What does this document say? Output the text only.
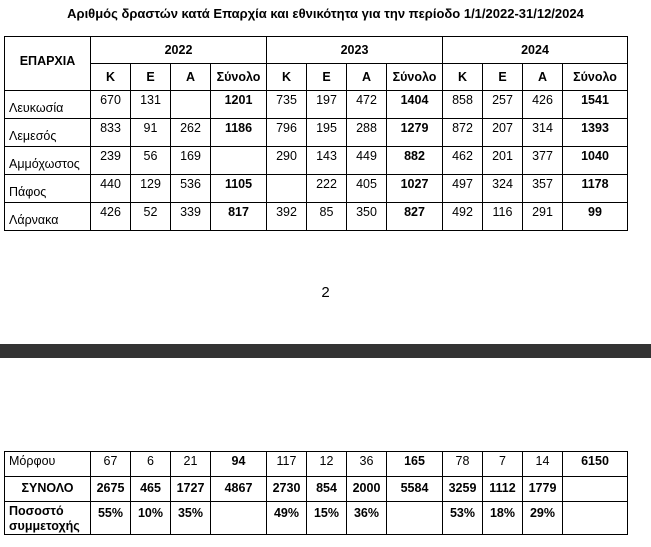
Αριθμός δραστών κατά Επαρχία και εθνικότητα για την περίοδο 1/1/2022-31/12/2024
ΕΠΑΡΧΙΑ	2022				2023				2024			
	Κ	Ε	Α	Σύνολο	Κ	Ε	Α	Σύνολο	Κ	Ε	Α	Σύνολο
Λευκωσία	670	131		1201	735	197	472	1404	858	257	426	1541
Λεμεσός	833	91	262	1186	796	195	288	1279	872	207	314	1393
Αμμόχωστος	239	56	169		290	143	449	882	462	201	377	1040
Πάφος	440	129	536	1105		222	405	1027	497	324	357	1178
Λάρνακα	426	52	339	817	392	85	350	827	492	116	291	99
2
Μόρφου	67	6	21	94	117	12	36	165	78	7	14	6150
ΣΥΝΟΛΟ	2675	465	1727	4867	2730	854	2000	5584	3259	1112	1779	
Ποσοστό συμμετοχής	55%	10%	35%		49%	15%	36%		53%	18%	29%	
